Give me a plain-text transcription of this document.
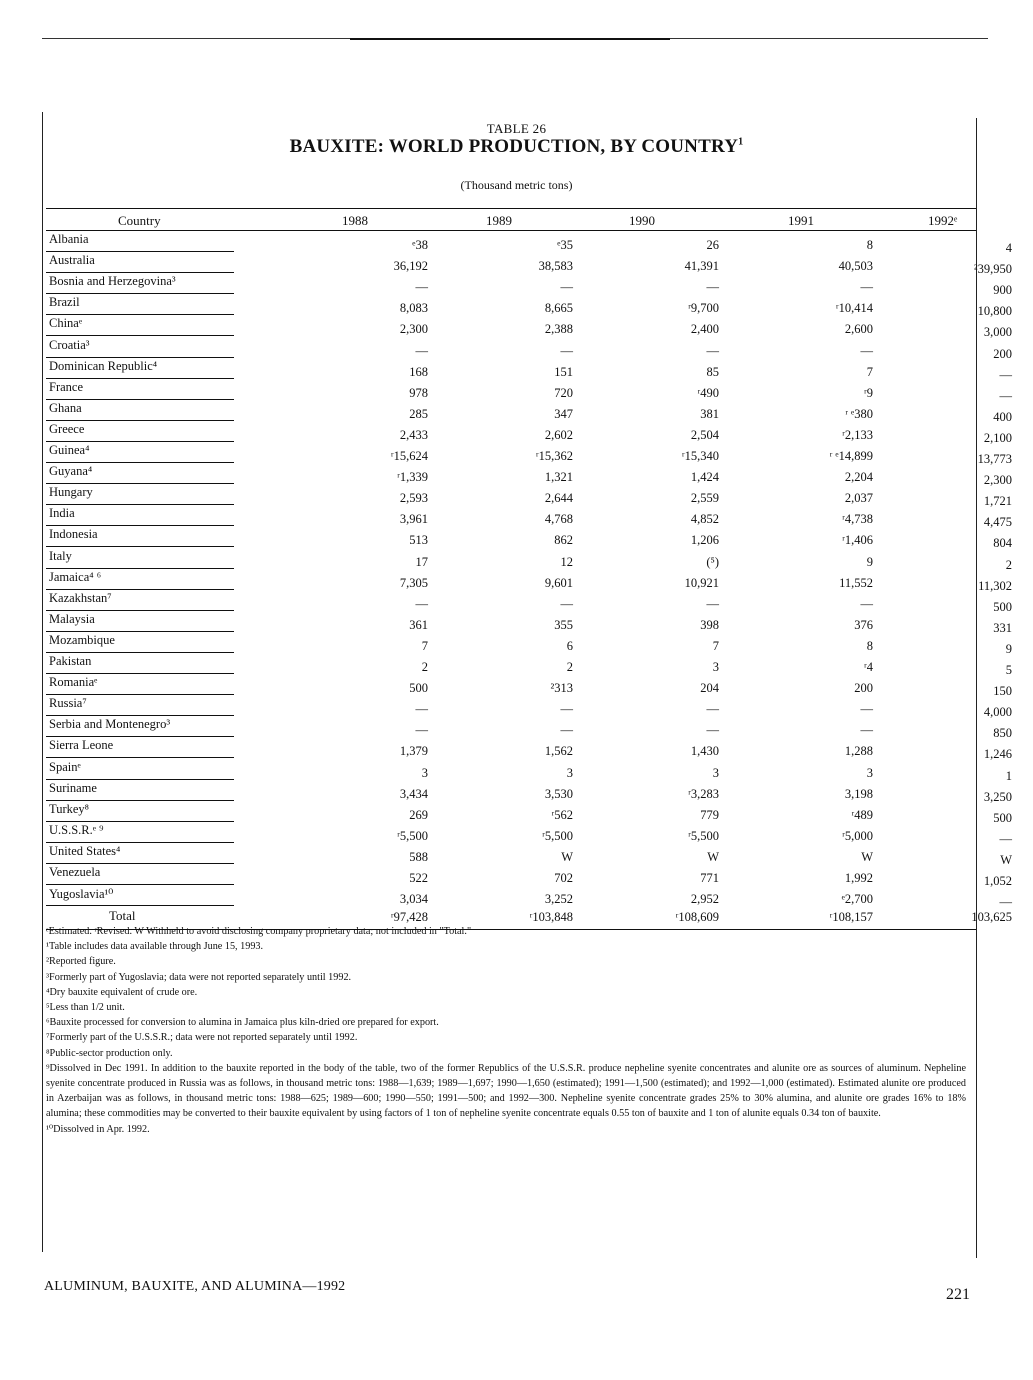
TABLE 26
BAUXITE: WORLD PRODUCTION, BY COUNTRY$^1$
(Thousand metric tons)
Country	1988	1989	1990	1991	1992ᵉ
Albania	ᵉ38	ᵉ35	26	8	4
Australia	36,192	38,583	41,391	40,503	²39,950
Bosnia and Herzegovina³	—	—	—	—	900
Brazil	8,083	8,665	ʳ9,700	ʳ10,414	10,800
Chinaᵉ	2,300	2,388	2,400	2,600	3,000
Croatia³	—	—	—	—	200
Dominican Republic⁴	168	151	85	7	—
France	978	720	ʳ490	ʳ9	—
Ghana	285	347	381	ʳ ᵉ380	400
Greece	2,433	2,602	2,504	ʳ2,133	2,100
Guinea⁴	ʳ15,624	ʳ15,362	ʳ15,340	ʳ ᵉ14,899	13,773
Guyana⁴	ʳ1,339	1,321	1,424	2,204	2,300
Hungary	2,593	2,644	2,559	2,037	1,721
India	3,961	4,768	4,852	ʳ4,738	4,475
Indonesia	513	862	1,206	ʳ1,406	804
Italy	17	12	(⁵)	9	2
Jamaica⁴ ⁶	7,305	9,601	10,921	11,552	11,302
Kazakhstan⁷	—	—	—	—	500
Malaysia	361	355	398	376	331
Mozambique	7	6	7	8	9
Pakistan	2	2	3	ʳ4	5
Romaniaᵉ	500	²313	204	200	150
Russia⁷	—	—	—	—	4,000
Serbia and Montenegro³	—	—	—	—	850
Sierra Leone	1,379	1,562	1,430	1,288	1,246
Spainᵉ	3	3	3	3	1
Suriname	3,434	3,530	ʳ3,283	3,198	3,250
Turkey⁸	269	ʳ562	779	ʳ489	500
U.S.S.R.ᵉ ⁹	ʳ5,500	ʳ5,500	ʳ5,500	ʳ5,000	—
United States⁴	588	W	W	W	W
Venezuela	522	702	771	1,992	1,052
Yugoslavia¹⁰	3,034	3,252	2,952	ᵉ2,700	—
Total	ʳ97,428	ʳ103,848	ʳ108,609	ʳ108,157	103,625
ᵉEstimated. ʳRevised. W Withheld to avoid disclosing company proprietary data; not included in "Total."
¹Table includes data available through June 15, 1993.
²Reported figure.
³Formerly part of Yugoslavia; data were not reported separately until 1992.
⁴Dry bauxite equivalent of crude ore.
⁵Less than 1/2 unit.
⁶Bauxite processed for conversion to alumina in Jamaica plus kiln-dried ore prepared for export.
⁷Formerly part of the U.S.S.R.; data were not reported separately until 1992.
⁸Public-sector production only.
⁹Dissolved in Dec 1991. In addition to the bauxite reported in the body of the table, two of the former Republics of the U.S.S.R. produce nepheline syenite concentrates and alunite ore as sources of aluminum. Nepheline syenite concentrate produced in Russia was as follows, in thousand metric tons: 1988—1,639; 1989—1,697; 1990—1,650 (estimated); 1991—1,500 (estimated); and 1992—1,000 (estimated). Estimated alunite ore produced in Azerbaijan was as follows, in thousand metric tons: 1988—625; 1989—600; 1990—550; 1991—500; and 1992—300. Nepheline syenite concentrate grades 25% to 30% alumina, and alunite ore grades 16% to 18% alumina; these commodities may be converted to their bauxite equivalent by using factors of 1 ton of nepheline syenite concentrate equals 0.55 ton of bauxite and 1 ton of alunite equals 0.34 ton of bauxite.
¹⁰Dissolved in Apr. 1992.
ALUMINUM, BAUXITE, AND ALUMINA—1992	221
